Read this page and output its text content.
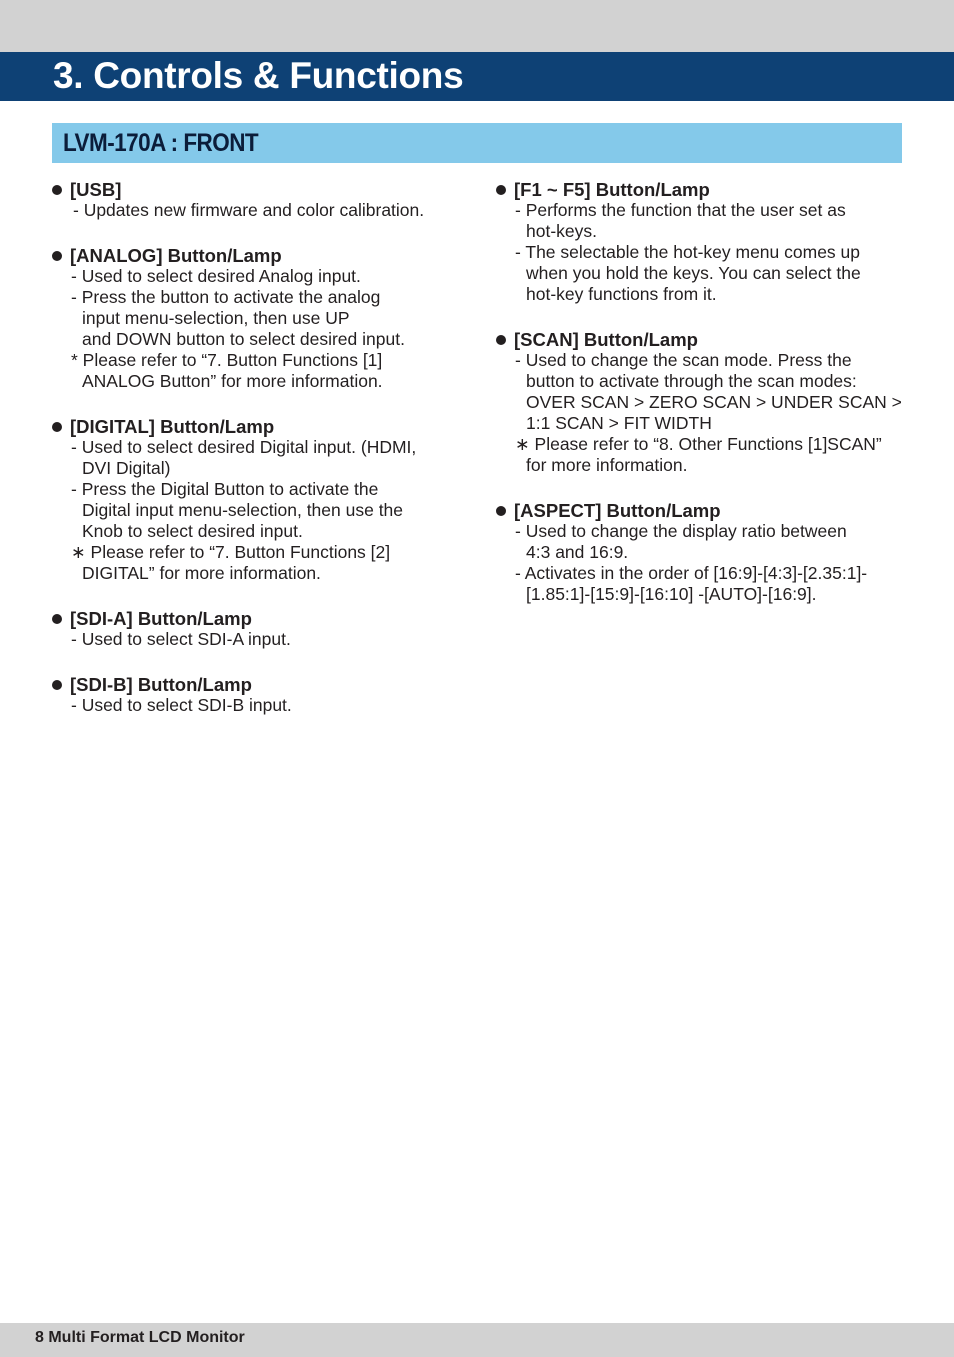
3. Controls & Functions
LVM-170A : FRONT
[USB]
- Updates new firmware and color calibration.
[ANALOG] Button/Lamp
- Used to select desired Analog input.
- Press the button to activate the analog
input menu-selection, then use UP
and DOWN button to select desired input.
* Please refer to “7. Button Functions [1]
ANALOG Button” for more information.
[DIGITAL] Button/Lamp
- Used to select desired Digital input. (HDMI,
DVI Digital)
- Press the Digital Button to activate the
Digital input menu-selection, then use the
Knob to select desired input.
∗ Please refer to “7. Button Functions [2]
DIGITAL” for more information.
[SDI-A] Button/Lamp
- Used to select SDI-A input.
[SDI-B] Button/Lamp
- Used to select SDI-B input.
[F1 ~ F5] Button/Lamp
- Performs the function that the user set as
hot-keys.
- The selectable the hot-key menu comes up
when you hold the keys. You can select the
hot-key functions from it.
[SCAN] Button/Lamp
- Used to change the scan mode. Press the
button to activate through the scan modes:
OVER SCAN > ZERO SCAN > UNDER SCAN >
1:1 SCAN > FIT WIDTH
∗ Please refer to “8. Other Functions [1]SCAN”
for more information.
[ASPECT] Button/Lamp
- Used to change the display ratio between
4:3 and 16:9.
- Activates in the order of [16:9]-[4:3]-[2.35:1]-
[1.85:1]-[15:9]-[16:10] -[AUTO]-[16:9].
8 Multi Format LCD Monitor
